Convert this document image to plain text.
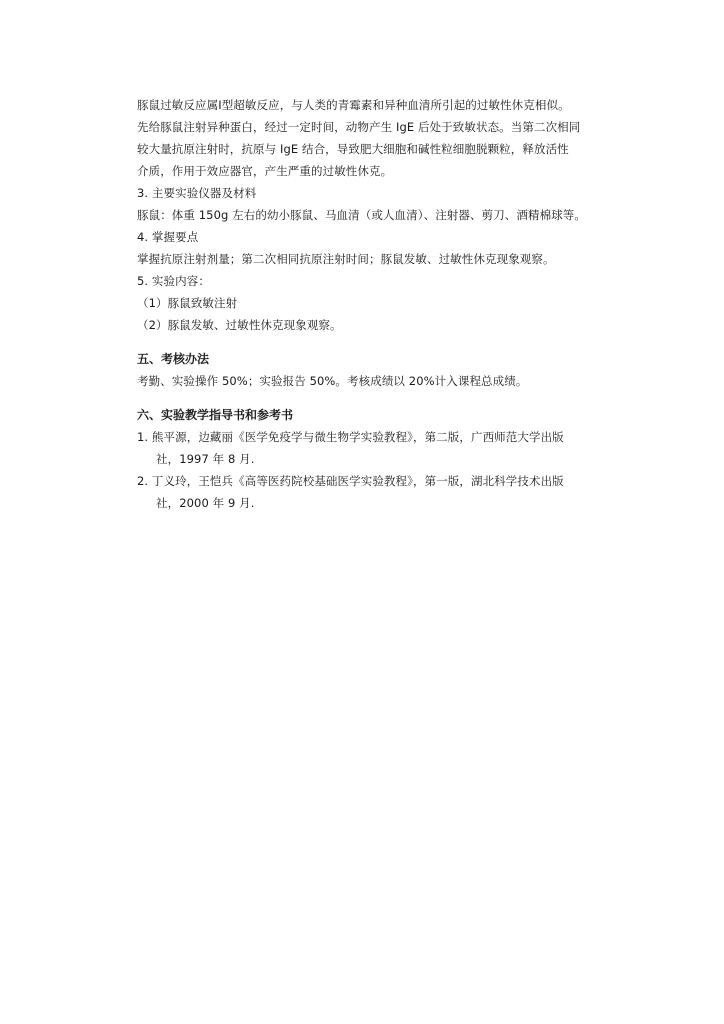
豚鼠过敏反应属Ⅰ型超敏反应，与人类的青霉素和异种血清所引起的过敏性休克相似。
先给豚鼠注射异种蛋白，经过一定时间，动物产生 IgE 后处于致敏状态。当第二次相同
较大量抗原注射时，抗原与 IgE 结合，导致肥大细胞和碱性粒细胞脱颗粒，释放活性
介质，作用于效应器官，产生严重的过敏性休克。
3. 主要实验仪器及材料
豚鼠：体重 150g 左右的幼小豚鼠、马血清（或人血清）、注射器、剪刀、酒精棉球等。
4. 掌握要点
掌握抗原注射剂量；第二次相同抗原注射时间；豚鼠发敏、过敏性休克现象观察。
5. 实验内容：
（1）豚鼠致敏注射
（2）豚鼠发敏、过敏性休克现象观察。
五、考核办法
考勤、实验操作 50%；实验报告 50%。考核成绩以 20%计入课程总成绩。
六、实验教学指导书和参考书
1. 熊平源，边藏丽《医学免疫学与微生物学实验教程》，第二版，广西师范大学出版
社，1997 年 8 月.
2. 丁义玲，王恺兵《高等医药院校基础医学实验教程》，第一版，湖北科学技术出版
社，2000 年 9 月.
